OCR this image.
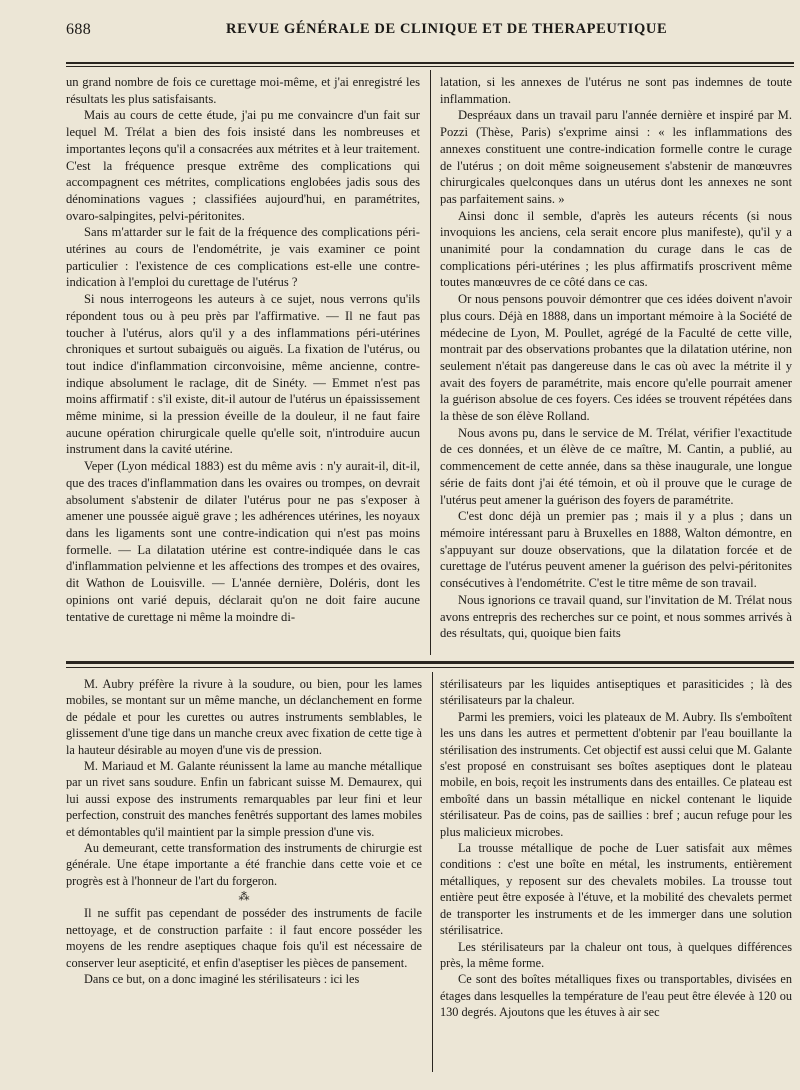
688	REVUE GÉNÉRALE DE CLINIQUE ET DE THERAPEUTIQUE

un grand nombre de fois ce curettage moi-même, et j'ai enregistré les résultats les plus satisfaisants.

Mais au cours de cette étude, j'ai pu me convaincre d'un fait sur lequel M. Trélat a bien des fois insisté dans les nombreuses et importantes leçons qu'il a consacrées aux métrites et à leur traitement. C'est la fréquence presque extrême des complications qui accompagnent ces métrites, complications englobées jadis sous des dénominations vagues ; classifiées aujourd'hui, en paramétrites, ovaro-salpingites, pelvi-péritonites.

Sans m'attarder sur le fait de la fréquence des complications péri-utérines au cours de l'endométrite, je vais examiner ce point particulier : l'existence de ces complications est-elle une contre-indication à l'emploi du curettage de l'utérus ?

Si nous interrogeons les auteurs à ce sujet, nous verrons qu'ils répondent tous ou à peu près par l'affirmative. — Il ne faut pas toucher à l'utérus, alors qu'il y a des inflammations péri-utérines chroniques et surtout subaiguës ou aiguës. La fixation de l'utérus, ou tout indice d'inflammation circonvoisine, même ancienne, contre-indique absolument le raclage, dit de Sinéty. — Emmet n'est pas moins affirmatif : s'il existe, dit-il autour de l'utérus un épaississement même minime, si la pression éveille de la douleur, il ne faut faire aucune opération chirurgicale quelle qu'elle soit, n'introduire aucun instrument dans la cavité utérine.

Veper (Lyon médical 1883) est du même avis : n'y aurait-il, dit-il, que des traces d'inflammation dans les ovaires ou trompes, on devrait absolument s'abstenir de dilater l'utérus pour ne pas s'exposer à amener une poussée aiguë grave ; les adhérences utérines, les noyaux dans les ligaments sont une contre-indication qui n'est pas moins formelle. — La dilatation utérine est contre-indiquée dans le cas d'inflammation pelvienne et les affections des trompes et des ovaires, dit Wathon de Louisville. — L'année dernière, Doléris, dont les opinions ont varié depuis, déclarait qu'on ne doit faire aucune tentative de curettage ni même la moindre di-

latation, si les annexes de l'utérus ne sont pas indemnes de toute inflammation.

Despréaux dans un travail paru l'année dernière et inspiré par M. Pozzi (Thèse, Paris) s'exprime ainsi : « les inflammations des annexes constituent une contre-indication formelle contre le curage de l'utérus ; on doit même soigneusement s'abstenir de manœuvres chirurgicales quelconques dans un utérus dont les annexes ne sont pas parfaitement sains. »

Ainsi donc il semble, d'après les auteurs récents (si nous invoquions les anciens, cela serait encore plus manifeste), qu'il y a unanimité pour la condamnation du curage dans le cas de complications péri-utérines ; les plus affirmatifs proscrivent même toutes manœuvres de ce côté dans ce cas.

Or nous pensons pouvoir démontrer que ces idées doivent n'avoir plus cours. Déjà en 1888, dans un important mémoire à la Société de médecine de Lyon, M. Poullet, agrégé de la Faculté de cette ville, montrait par des observations probantes que la dilatation utérine, non seulement n'était pas dangereuse dans le cas où avec la métrite il y avait des foyers de paramétrite, mais encore qu'elle pourrait amener la guérison absolue de ces foyers. Ces idées se trouvent répétées dans la thèse de son élève Rolland.

Nous avons pu, dans le service de M. Trélat, vérifier l'exactitude de ces données, et un élève de ce maître, M. Cantin, a publié, au commencement de cette année, dans sa thèse inaugurale, une longue série de faits dont j'ai été témoin, et où il prouve que le curage de l'utérus peut amener la guérison des foyers de paramétrite.

C'est donc déjà un premier pas ; mais il y a plus ; dans un mémoire intéressant paru à Bruxelles en 1888, Walton démontre, en s'appuyant sur douze observations, que la dilatation forcée et de curettage de l'utérus peuvent amener la guérison des pelvi-péritonites consécutives à l'endométrite. C'est le titre même de son travail.

Nous ignorions ce travail quand, sur l'invitation de M. Trélat nous avons entrepris des recherches sur ce point, et nous sommes arrivés à des résultats, qui, quoique bien faits

M. Aubry préfère la rivure à la soudure, ou bien, pour les lames mobiles, se montant sur un même manche, un déclanchement en forme de pédale et pour les curettes ou autres instruments semblables, le glissement d'une tige dans un manche creux avec fixation de cette tige à la hauteur désirable au moyen d'une vis de pression.

M. Mariaud et M. Galante réunissent la lame au manche métallique par un rivet sans soudure. Enfin un fabricant suisse M. Demaurex, qui lui aussi expose des instruments remarquables par leur fini et leur perfection, construit des manches fenêtrés supportant des lames mobiles et démontables qu'il maintient par la simple pression d'une vis.

Au demeurant, cette transformation des instruments de chirurgie est générale. Une étape importante a été franchie dans cette voie et ce progrès est à l'honneur de l'art du forgeron.

⁂

Il ne suffit pas cependant de posséder des instruments de facile nettoyage, et de construction parfaite : il faut encore posséder les moyens de les rendre aseptiques chaque fois qu'il est nécessaire de conserver leur asepticité, et enfin d'aseptiser les pièces de pansement.

Dans ce but, on a donc imaginé les stérilisateurs : ici les

stérilisateurs par les liquides antiseptiques et parasiticides ; là des stérilisateurs par la chaleur.

Parmi les premiers, voici les plateaux de M. Aubry. Ils s'emboîtent les uns dans les autres et permettent d'obtenir par l'eau bouillante la stérilisation des instruments. Cet objectif est aussi celui que M. Galante s'est proposé en construisant ses boîtes aseptiques dont le plateau mobile, en bois, reçoit les instruments dans des entailles. Ce plateau est emboîté dans un bassin métallique en nickel contenant le liquide stérilisateur. Pas de coins, pas de saillies : bref ; aucun refuge pour les plus malicieux microbes.

La trousse métallique de poche de Luer satisfait aux mêmes conditions : c'est une boîte en métal, les instruments, entièrement métalliques, y reposent sur des chevalets mobiles. La trousse tout entière peut être exposée à l'étuve, et la mobilité des chevalets permet de transporter les instruments et de les immerger dans une solution stérilisatrice.

Les stérilisateurs par la chaleur ont tous, à quelques différences près, la même forme.

Ce sont des boîtes métalliques fixes ou transportables, divisées en étages dans lesquelles la température de l'eau peut être élevée à 120 ou 130 degrés. Ajoutons que les étuves à air sec
